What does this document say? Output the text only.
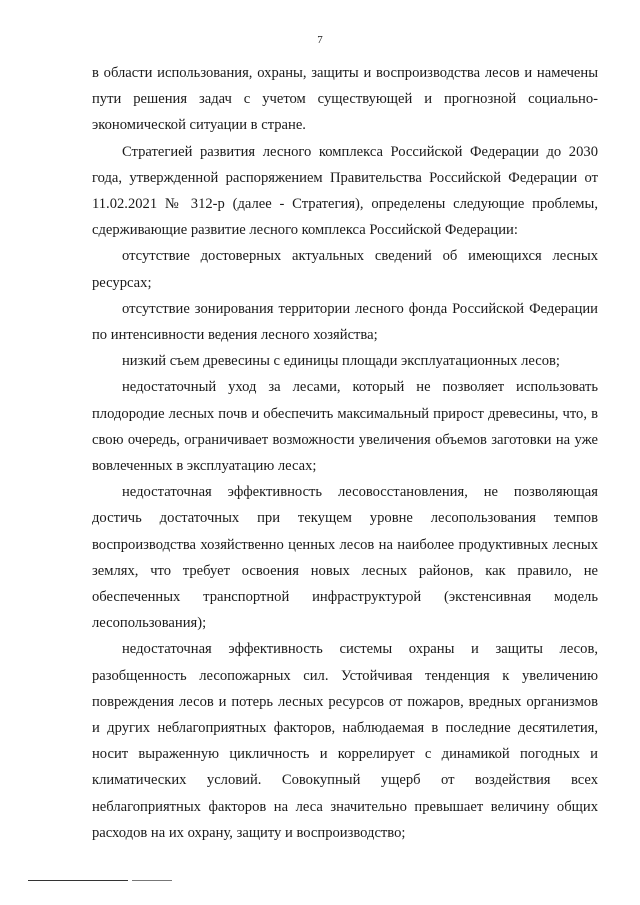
7

в области использования, охраны, защиты и воспроизводства лесов и намечены пути решения задач с учетом существующей и прогнозной социально-экономической ситуации в стране.

Стратегией развития лесного комплекса Российской Федерации до 2030 года, утвержденной распоряжением Правительства Российской Федерации от 11.02.2021 № 312-р (далее - Стратегия), определены следующие проблемы, сдерживающие развитие лесного комплекса Российской Федерации:

отсутствие достоверных актуальных сведений об имеющихся лесных ресурсах;

отсутствие зонирования территории лесного фонда Российской Федерации по интенсивности ведения лесного хозяйства;

низкий съем древесины с единицы площади эксплуатационных лесов;

недостаточный уход за лесами, который не позволяет использовать плодородие лесных почв и обеспечить максимальный прирост древесины, что, в свою очередь, ограничивает возможности увеличения объемов заготовки на уже вовлеченных в эксплуатацию лесах;

недостаточная эффективность лесовосстановления, не позволяющая достичь достаточных при текущем уровне лесопользования темпов воспроизводства хозяйственно ценных лесов на наиболее продуктивных лесных землях, что требует освоения новых лесных районов, как правило, не обеспеченных транспортной инфраструктурой (экстенсивная модель лесопользования);

недостаточная эффективность системы охраны и защиты лесов, разобщенность лесопожарных сил. Устойчивая тенденция к увеличению повреждения лесов и потерь лесных ресурсов от пожаров, вредных организмов и других неблагоприятных факторов, наблюдаемая в последние десятилетия, носит выраженную цикличность и коррелирует с динамикой погодных и климатических условий. Совокупный ущерб от воздействия всех неблагоприятных факторов на леса значительно превышает величину общих расходов на их охрану, защиту и воспроизводство;
